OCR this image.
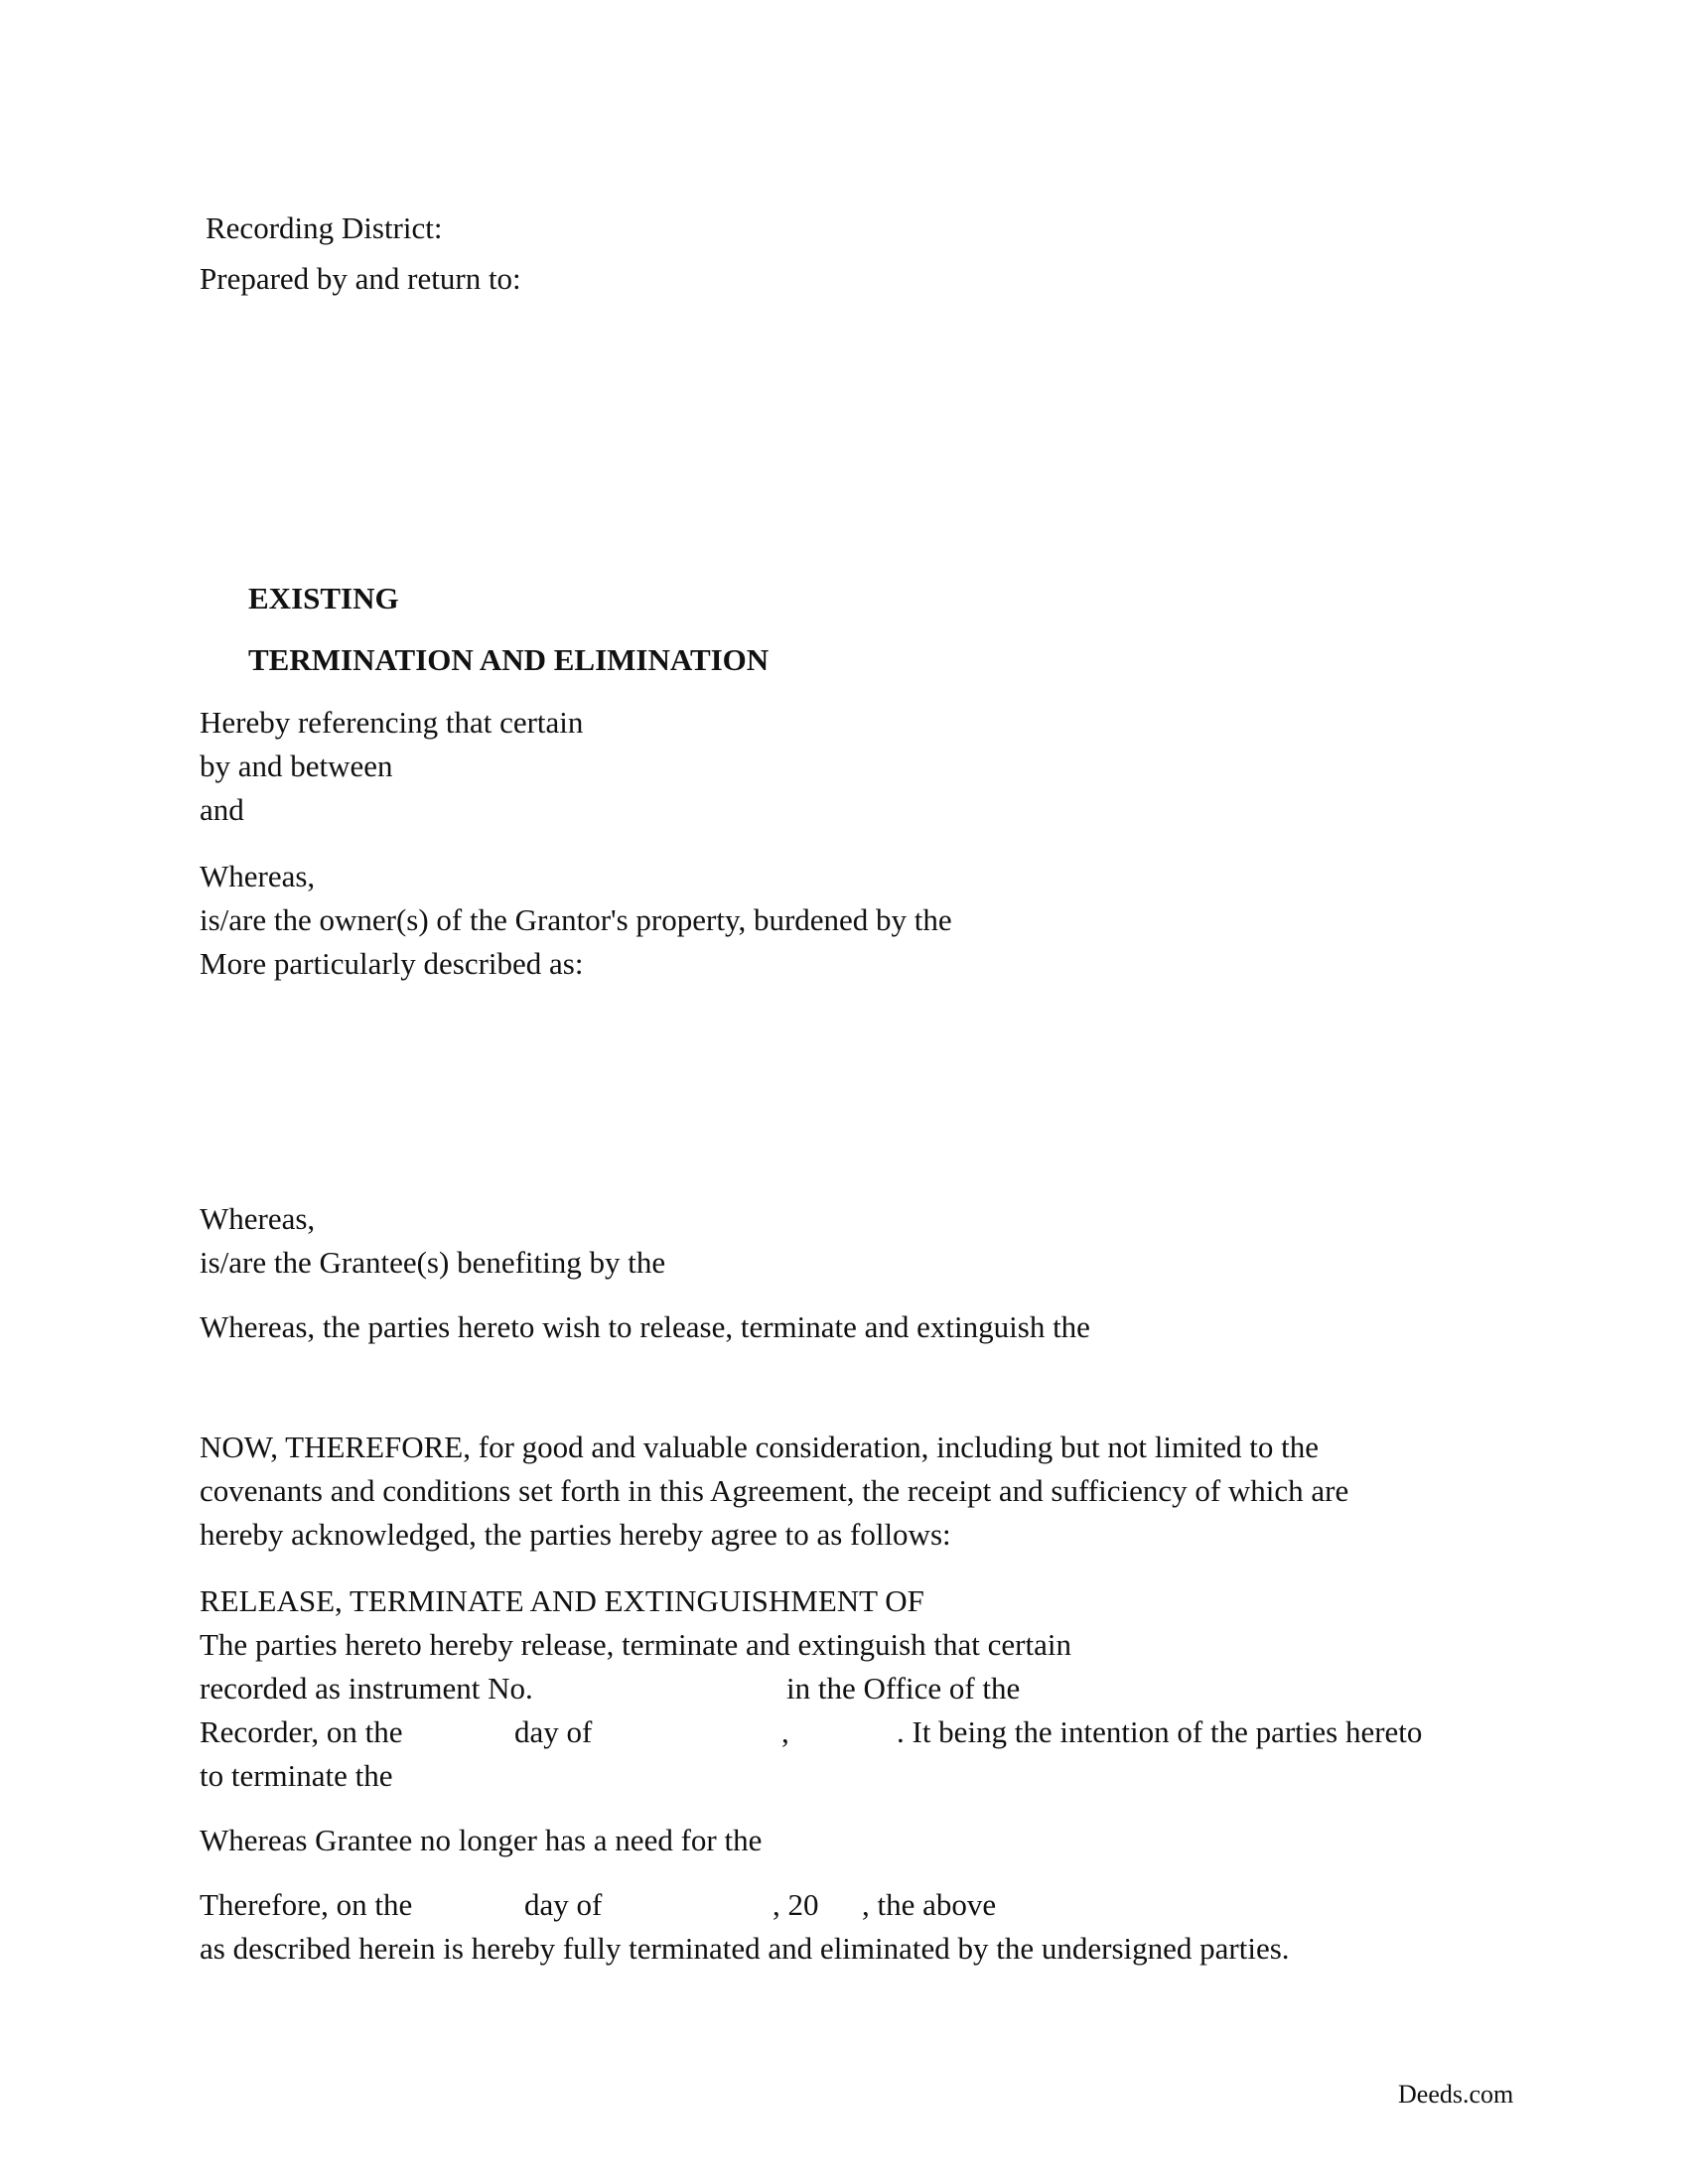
Recording District:
Prepared by and return to:
EXISTING
TERMINATION AND ELIMINATION
Hereby referencing that certain
by and between
and
Whereas,
is/are the owner(s) of the Grantor's property, burdened by the
More particularly described as:
Whereas,
is/are the Grantee(s) benefiting by the
Whereas, the parties hereto wish to release, terminate and extinguish the
NOW, THEREFORE, for good and valuable consideration, including but not limited to the
covenants and conditions set forth in this Agreement, the receipt and sufficiency of which are
hereby acknowledged, the parties hereby agree to as follows:
RELEASE, TERMINATE AND EXTINGUISHMENT OF
The parties hereto hereby release, terminate and extinguish that certain
recorded as instrument No.	in the Office of the
Recorder, on the	day of	,	. It being the intention of the parties hereto
to terminate the
Whereas Grantee no longer has a need for the
Therefore, on the	day of	, 20 , the above
as described herein is hereby fully terminated and eliminated by the undersigned parties.
Deeds.com
